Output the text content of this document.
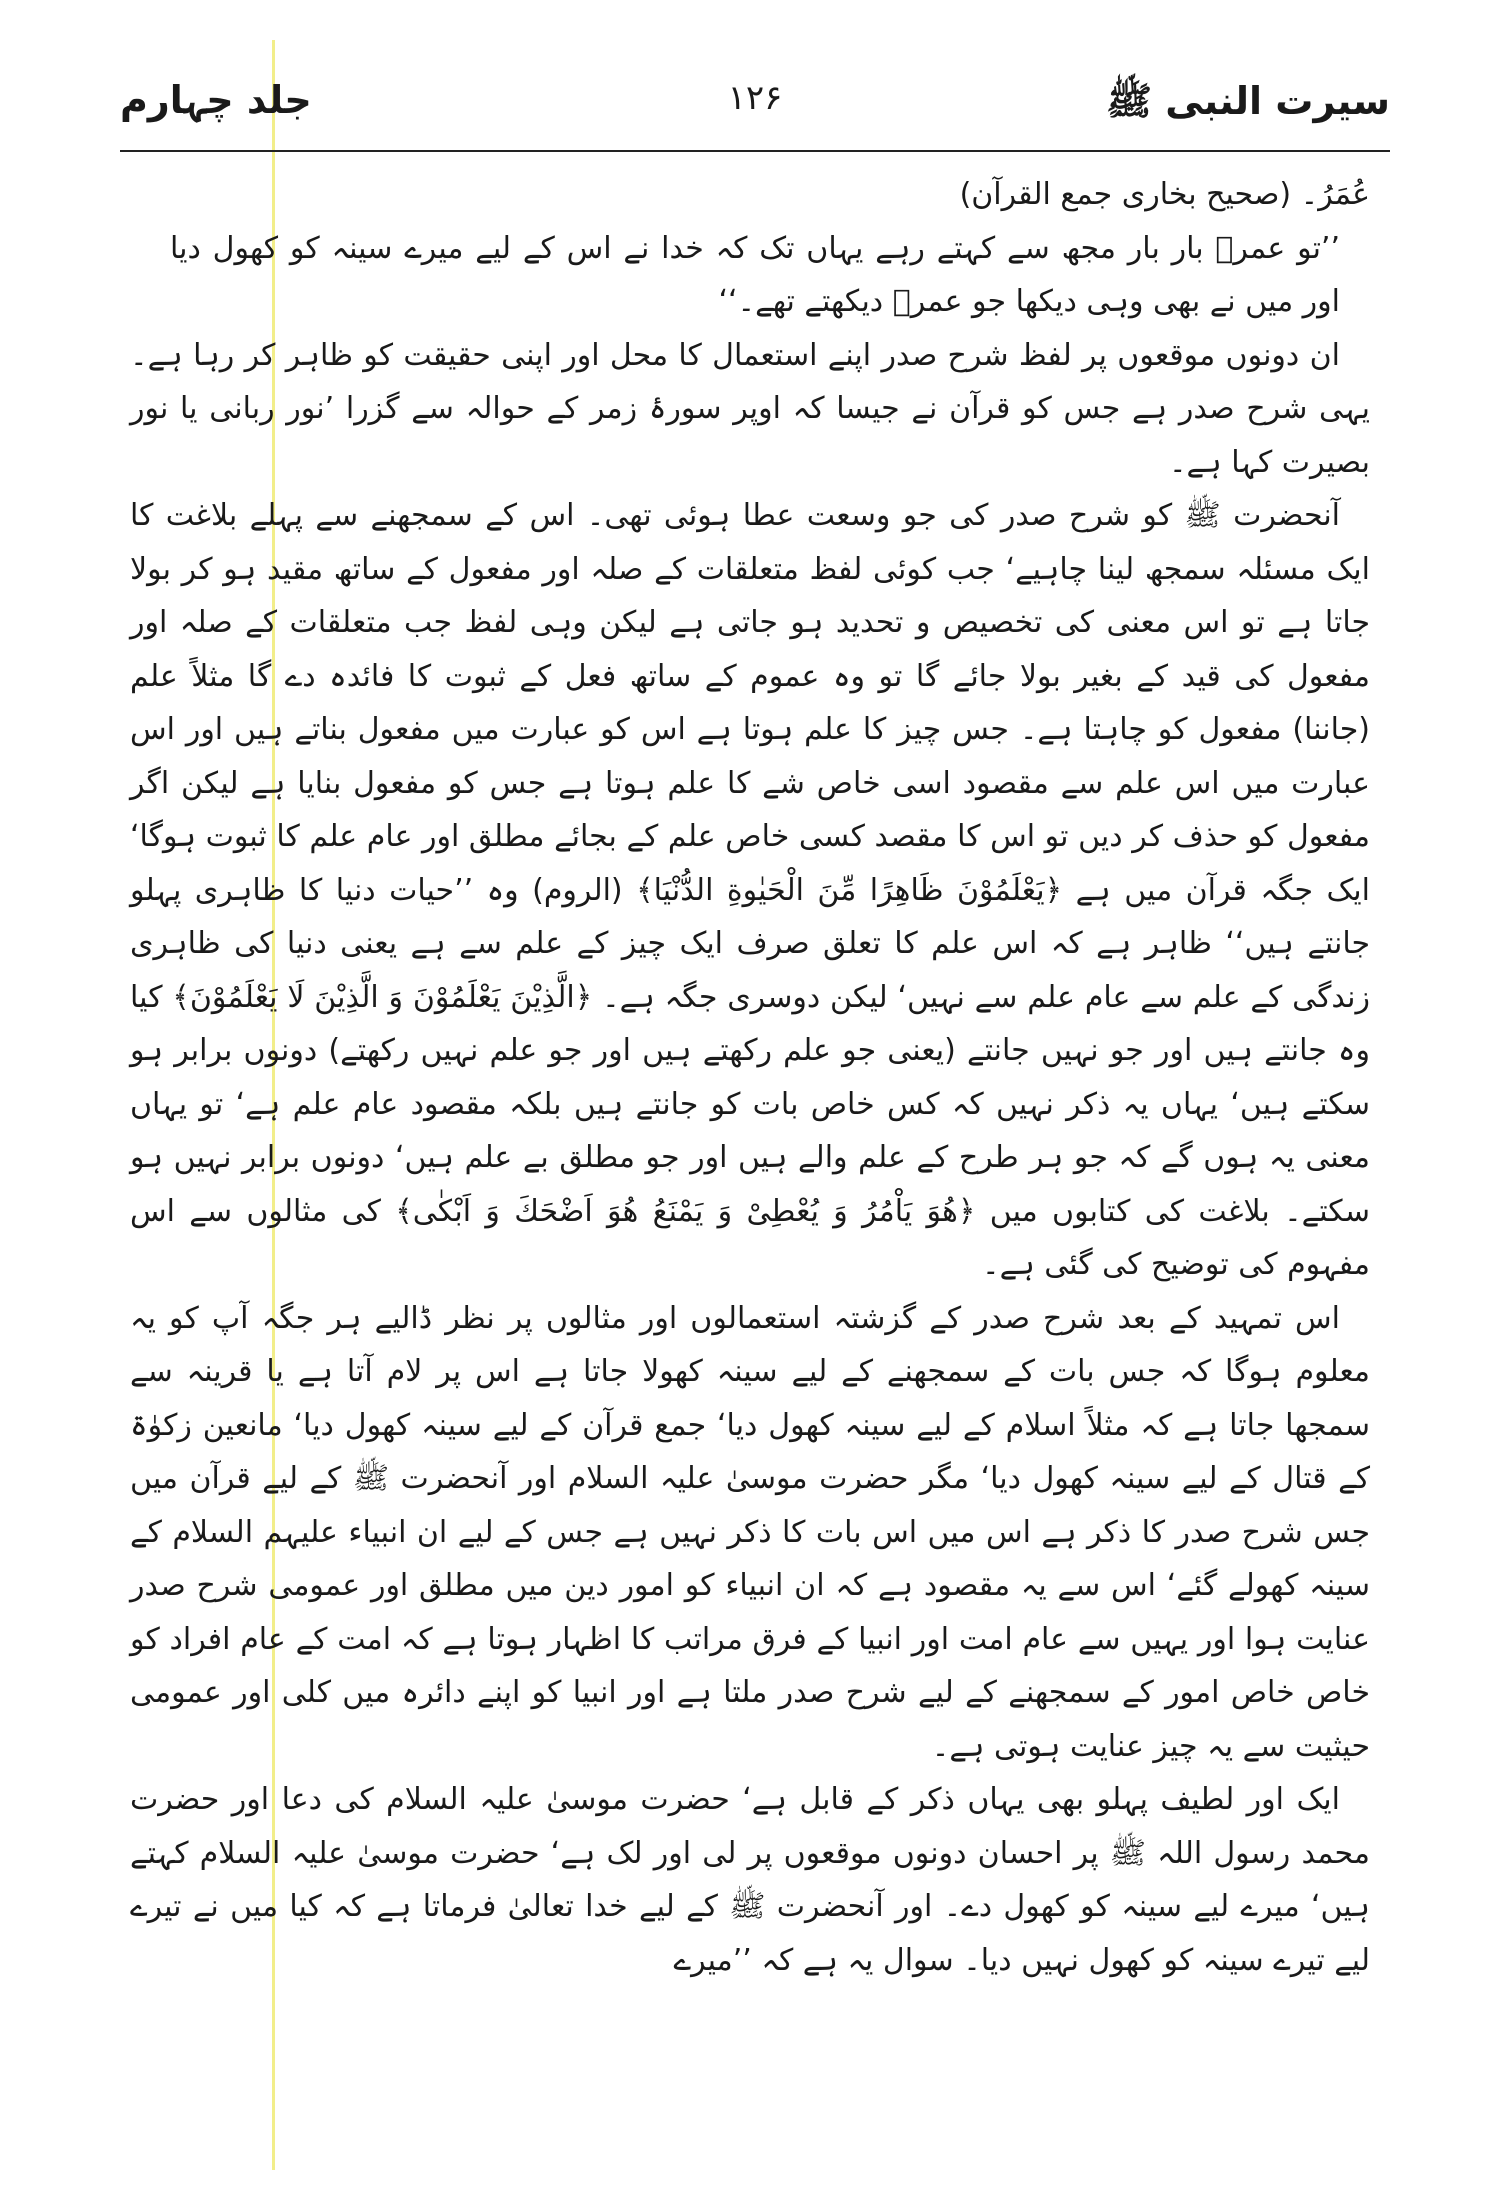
جلد چہارم	۱۲۶	سیرت النبی ﷺ

عُمَرُ۔ (صحیح بخاری جمع القرآن)

’’تو عمرؓ بار بار مجھ سے کہتے رہے یہاں تک کہ خدا نے اس کے لیے میرے سینہ کو کھول دیا اور میں نے بھی وہی دیکھا جو عمرؓ دیکھتے تھے۔‘‘

ان دونوں موقعوں پر لفظ شرح صدر اپنے استعمال کا محل اور اپنی حقیقت کو ظاہر کر رہا ہے۔ یہی شرح صدر ہے جس کو قرآن نے جیسا کہ اوپر سورۂ زمر کے حوالہ سے گزرا ’نور ربانی یا نور بصیرت کہا ہے۔

آنحضرت ﷺ کو شرح صدر کی جو وسعت عطا ہوئی تھی۔ اس کے سمجھنے سے پہلے بلاغت کا ایک مسئلہ سمجھ لینا چاہیے‘ جب کوئی لفظ متعلقات کے صلہ اور مفعول کے ساتھ مقید ہو کر بولا جاتا ہے تو اس معنی کی تخصیص و تحدید ہو جاتی ہے لیکن وہی لفظ جب متعلقات کے صلہ اور مفعول کی قید کے بغیر بولا جائے گا تو وہ عموم کے ساتھ فعل کے ثبوت کا فائدہ دے گا مثلاً علم (جاننا) مفعول کو چاہتا ہے۔ جس چیز کا علم ہوتا ہے اس کو عبارت میں مفعول بناتے ہیں اور اس عبارت میں اس علم سے مقصود اسی خاص شے کا علم ہوتا ہے جس کو مفعول بنایا ہے لیکن اگر مفعول کو حذف کر دیں تو اس کا مقصد کسی خاص علم کے بجائے مطلق اور عام علم کا ثبوت ہوگا‘ ایک جگہ قرآن میں ہے ﴿یَعْلَمُوْنَ ظَاهِرًا مِّنَ الْحَیٰوةِ الدُّنْیَا﴾ (الروم) وہ ’’حیات دنیا کا ظاہری پہلو جانتے ہیں‘‘ ظاہر ہے کہ اس علم کا تعلق صرف ایک چیز کے علم سے ہے یعنی دنیا کی ظاہری زندگی کے علم سے عام علم سے نہیں‘ لیکن دوسری جگہ ہے۔ ﴿الَّذِیْنَ یَعْلَمُوْنَ وَ الَّذِیْنَ لَا یَعْلَمُوْنَ﴾ کیا وہ جانتے ہیں اور جو نہیں جانتے (یعنی جو علم رکھتے ہیں اور جو علم نہیں رکھتے) دونوں برابر ہو سکتے ہیں‘ یہاں یہ ذکر نہیں کہ کس خاص بات کو جانتے ہیں بلکہ مقصود عام علم ہے‘ تو یہاں معنی یہ ہوں گے کہ جو ہر طرح کے علم والے ہیں اور جو مطلق بے علم ہیں‘ دونوں برابر نہیں ہو سکتے۔ بلاغت کی کتابوں میں ﴿هُوَ یَاْمُرُ وَ یُعْطِیْ وَ یَمْنَعُ هُوَ اَضْحَكَ وَ اَبْكٰی﴾ کی مثالوں سے اس مفہوم کی توضیح کی گئی ہے۔

اس تمہید کے بعد شرح صدر کے گزشتہ استعمالوں اور مثالوں پر نظر ڈالیے ہر جگہ آپ کو یہ معلوم ہوگا کہ جس بات کے سمجھنے کے لیے سینہ کھولا جاتا ہے اس پر لام آتا ہے یا قرینہ سے سمجھا جاتا ہے کہ مثلاً اسلام کے لیے سینہ کھول دیا‘ جمع قرآن کے لیے سینہ کھول دیا‘ مانعین زکوٰۃ کے قتال کے لیے سینہ کھول دیا‘ مگر حضرت موسیٰ علیہ السلام اور آنحضرت ﷺ کے لیے قرآن میں جس شرح صدر کا ذکر ہے اس میں اس بات کا ذکر نہیں ہے جس کے لیے ان انبیاء علیہم السلام کے سینہ کھولے گئے‘ اس سے یہ مقصود ہے کہ ان انبیاء کو امور دین میں مطلق اور عمومی شرح صدر عنایت ہوا اور یہیں سے عام امت اور انبیا کے فرق مراتب کا اظہار ہوتا ہے کہ امت کے عام افراد کو خاص خاص امور کے سمجھنے کے لیے شرح صدر ملتا ہے اور انبیا کو اپنے دائرہ میں کلی اور عمومی حیثیت سے یہ چیز عنایت ہوتی ہے۔

ایک اور لطیف پہلو بھی یہاں ذکر کے قابل ہے‘ حضرت موسیٰ علیہ السلام کی دعا اور حضرت محمد رسول اللہ ﷺ پر احسان دونوں موقعوں پر لی اور لک ہے‘ حضرت موسیٰ علیہ السلام کہتے ہیں‘ میرے لیے سینہ کو کھول دے۔ اور آنحضرت ﷺ کے لیے خدا تعالیٰ فرماتا ہے کہ کیا میں نے تیرے لیے تیرے سینہ کو کھول نہیں دیا۔ سوال یہ ہے کہ ’’میرے
